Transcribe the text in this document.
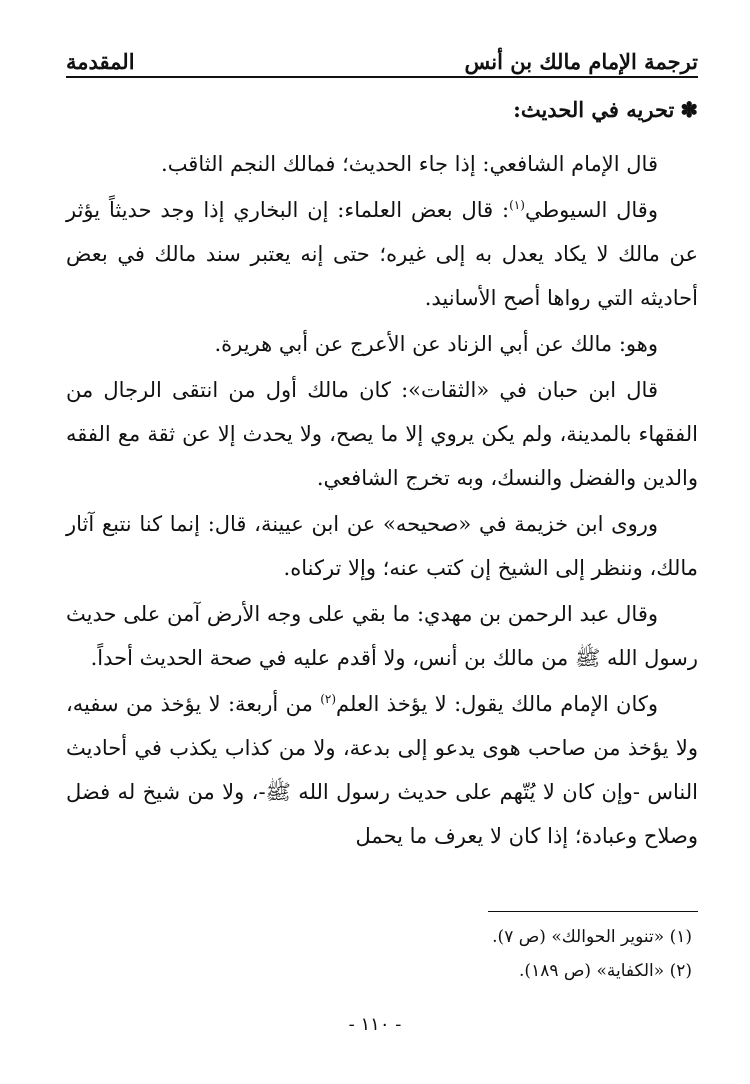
ترجمة الإمام مالك بن أنس
المقدمة
✽تحريه في الحديث:

قال الإمام الشافعي: إذا جاء الحديث؛ فمالك النجم الثاقب.

وقال السيوطي$^{(١)}$: قال بعض العلماء: إن البخاري إذا وجد حديثاً يؤثر عن مالك لا يكاد يعدل به إلى غيره؛ حتى إنه يعتبر سند مالك في بعض أحاديثه التي رواها أصح الأسانيد.

وهو: مالك عن أبي الزناد عن الأعرج عن أبي هريرة.

قال ابن حبان في «الثقات»: كان مالك أول من انتقى الرجال من الفقهاء بالمدينة، ولم يكن يروي إلا ما يصح، ولا يحدث إلا عن ثقة مع الفقه والدين والفضل والنسك، وبه تخرج الشافعي.

وروى ابن خزيمة في «صحيحه» عن ابن عيينة، قال: إنما كنا نتبع آثار مالك، وننظر إلى الشيخ إن كتب عنه؛ وإلا تركناه.

وقال عبد الرحمن بن مهدي: ما بقي على وجه الأرض آمن على حديث رسول الله ﷺ من مالك بن أنس، ولا أقدم عليه في صحة الحديث أحداً.

وكان الإمام مالك يقول: لا يؤخذ العلم$^{(٢)}$ من أربعة: لا يؤخذ من سفيه، ولا يؤخذ من صاحب هوى يدعو إلى بدعة، ولا من كذاب يكذب في أحاديث الناس -وإن كان لا يُتّهم على حديث رسول الله ﷺ-، ولا من شيخ له فضل وصلاح وعبادة؛ إذا كان لا يعرف ما يحمل

(١) «تنوير الحوالك» (ص ٧).
(٢) «الكفاية» (ص ١٨٩).
- ١١٠ -
